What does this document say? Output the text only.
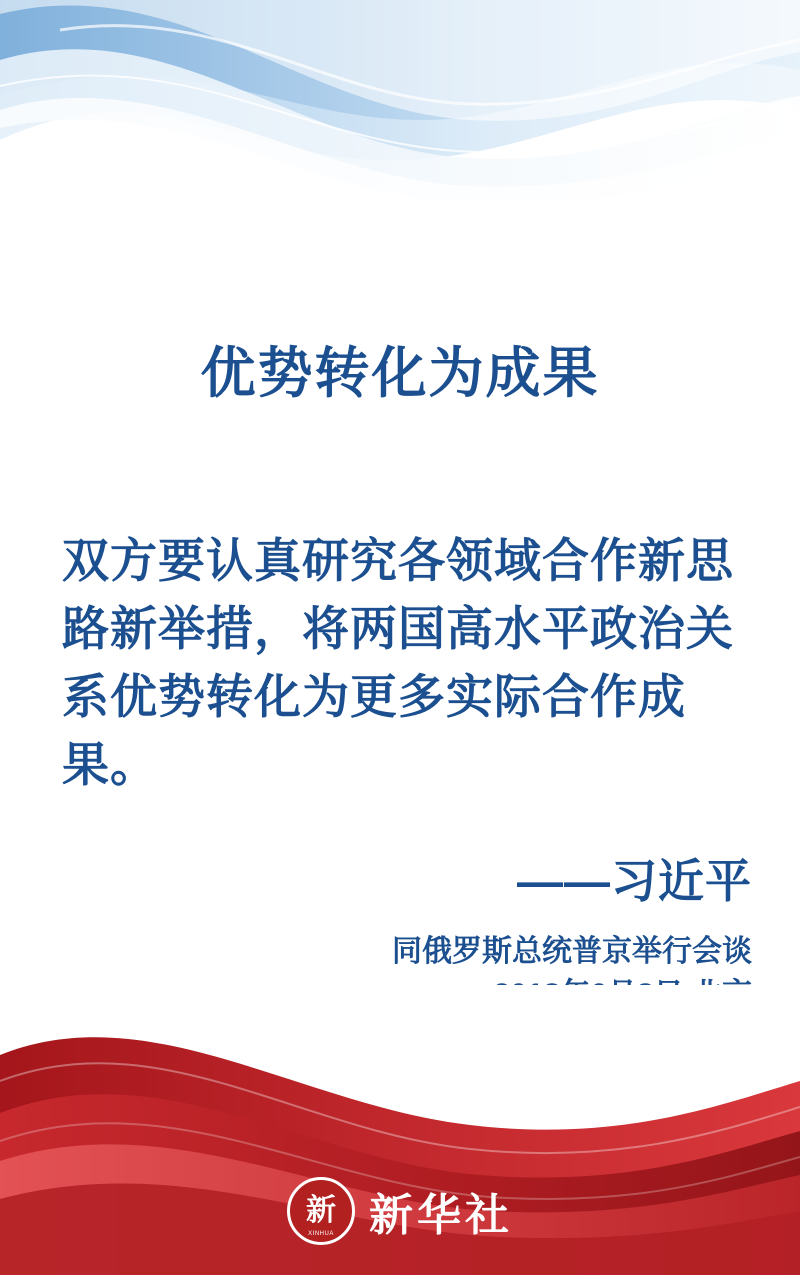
优势转化为成果

双方要认真研究各领域合作新思路新举措，将两国高水平政治关系优势转化为更多实际合作成果。

——习近平
同俄罗斯总统普京举行会谈
新
XINHUA 新华社
